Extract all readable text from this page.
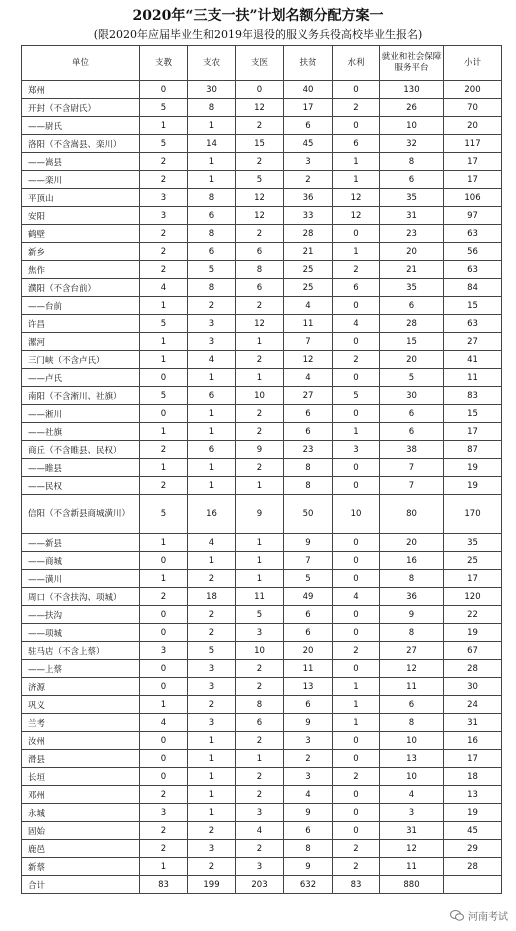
2020年“三支一扶”计划名额分配方案一
(限2020年应届毕业生和2019年退役的服义务兵役高校毕业生报名)
单位	支教	支农	支医	扶贫	水利	就业和社会保障服务平台	小计
郑州	0	30	0	40	0	130	200
开封（不含尉氏）	5	8	12	17	2	26	70
——尉氏	1	1	2	6	0	10	20
洛阳（不含嵩县、栾川）	5	14	15	45	6	32	117
——嵩县	2	1	2	3	1	8	17
——栾川	2	1	5	2	1	6	17
平顶山	3	8	12	36	12	35	106
安阳	3	6	12	33	12	31	97
鹤壁	2	8	2	28	0	23	63
新乡	2	6	6	21	1	20	56
焦作	2	5	8	25	2	21	63
濮阳（不含台前）	4	8	6	25	6	35	84
——台前	1	2	2	4	0	6	15
许昌	5	3	12	11	4	28	63
漯河	1	3	1	7	0	15	27
三门峡（不含卢氏）	1	4	2	12	2	20	41
——卢氏	0	1	1	4	0	5	11
南阳（不含淅川、社旗）	5	6	10	27	5	30	83
——淅川	0	1	2	6	0	6	15
——社旗	1	1	2	6	1	6	17
商丘（不含睢县、民权）	2	6	9	23	3	38	87
——睢县	1	1	2	8	0	7	19
——民权	2	1	1	8	0	7	19
信阳（不含新县商城潢川）	5	16	9	50	10	80	170
——新县	1	4	1	9	0	20	35
——商城	0	1	1	7	0	16	25
——潢川	1	2	1	5	0	8	17
周口（不含扶沟、项城）	2	18	11	49	4	36	120
——扶沟	0	2	5	6	0	9	22
——项城	0	2	3	6	0	8	19
驻马店（不含上蔡）	3	5	10	20	2	27	67
——上蔡	0	3	2	11	0	12	28
济源	0	3	2	13	1	11	30
巩义	1	2	8	6	1	6	24
兰考	4	3	6	9	1	8	31
汝州	0	1	2	3	0	10	16
滑县	0	1	1	2	0	13	17
长垣	0	1	2	3	2	10	18
邓州	2	1	2	4	0	4	13
永城	3	1	3	9	0	3	19
固始	2	2	4	6	0	31	45
鹿邑	2	3	2	8	2	12	29
新蔡	1	2	3	9	2	11	28
合计	83	199	203	632	83	880	
河南考试
